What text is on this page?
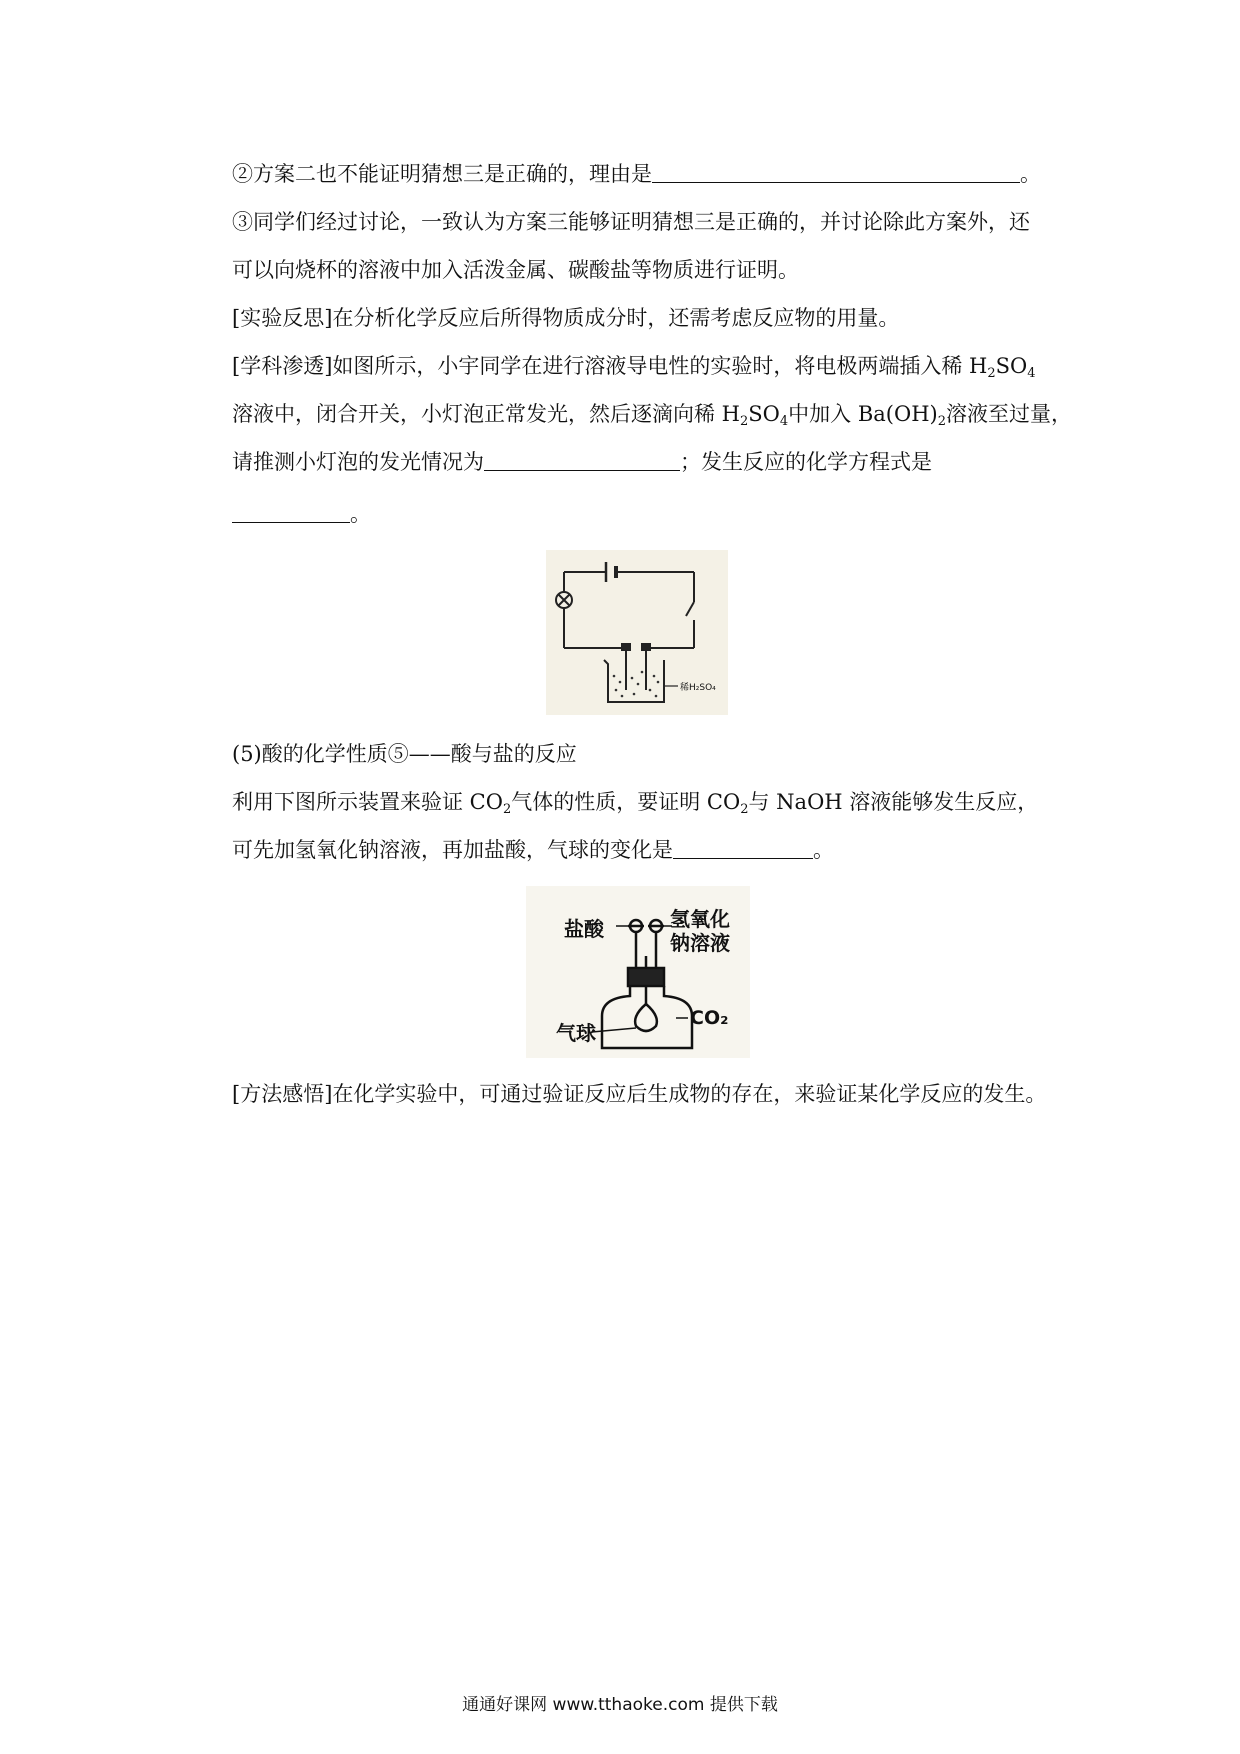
②方案二也不能证明猜想三是正确的，理由是	。
③同学们经过讨论，一致认为方案三能够证明猜想三是正确的，并讨论除此方案外，还
可以向烧杯的溶液中加入活泼金属、碳酸盐等物质进行证明。
[实验反思]在分析化学反应后所得物质成分时，还需考虑反应物的用量。
[学科渗透]如图所示，小宇同学在进行溶液导电性的实验时，将电极两端插入稀 $H_2SO_4$
溶液中，闭合开关，小灯泡正常发光，然后逐滴向稀 $H_2SO_4$中加入 $Ba(OH)_2$溶液至过量，
请推测小灯泡的发光情况为	；发生反应的化学方程式是
。
稀H₂SO₄
(5)酸的化学性质⑤——酸与盐的反应
利用下图所示装置来验证 $CO_2$气体的性质，要证明 $CO_2$与 NaOH 溶液能够发生反应，
可先加氢氧化钠溶液，再加盐酸，气球的变化是	。
盐酸	氢氧化
钠溶液
气球
CO₂
[方法感悟]在化学实验中，可通过验证反应后生成物的存在，来验证某化学反应的发生。
通通好课网 www.tthaoke.com 提供下载
